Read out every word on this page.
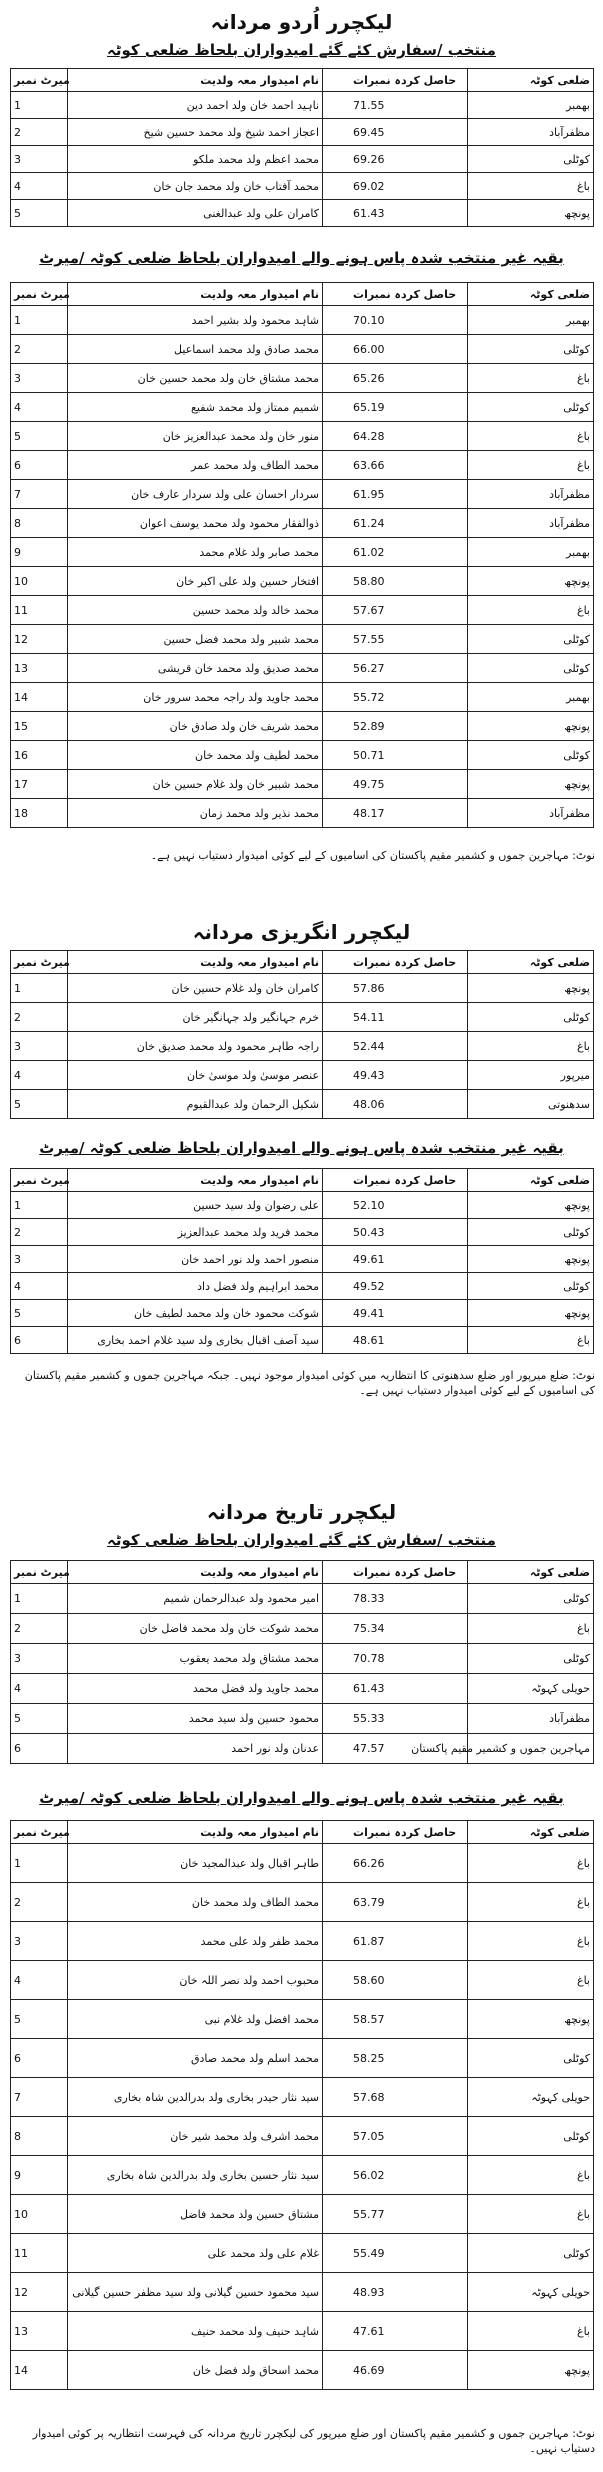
لیکچرر اُردو مردانہ
منتخب /سفارش کئے گئے امیدواران بلحاظ ضلعی کوٹہ
میرٹ نمبر	نام امیدوار معہ ولدیت	حاصل کردہ نمبرات	ضلعی کوٹہ
1	ناہید احمد خان ولد احمد دین	71.55	بھمبر
2	اعجاز احمد شیخ ولد محمد حسین شیخ	69.45	مظفرآباد
3	محمد اعظم ولد محمد ملکو	69.26	کوٹلی
4	محمد آفتاب خان ولد محمد جان خان	69.02	باغ
5	کامران علی ولد عبدالغنی	61.43	پونچھ
بقیہ غیر منتخب شدہ پاس ہونے والے امیدواران بلحاظ ضلعی کوٹہ /میرٹ
میرٹ نمبر	نام امیدوار معہ ولدیت	حاصل کردہ نمبرات	ضلعی کوٹہ
1	شاہد محمود ولد بشیر احمد	70.10	بھمبر
2	محمد صادق ولد محمد اسماعیل	66.00	کوٹلی
3	محمد مشتاق خان ولد محمد حسین خان	65.26	باغ
4	شمیم ممتاز ولد محمد شفیع	65.19	کوٹلی
5	منور خان ولد محمد عبدالعزیز خان	64.28	باغ
6	محمد الطاف ولد محمد عمر	63.66	باغ
7	سردار احسان علی ولد سردار عارف خان	61.95	مظفرآباد
8	ذوالفقار محمود ولد محمد یوسف اعوان	61.24	مظفرآباد
9	محمد صابر ولد غلام محمد	61.02	بھمبر
10	افتخار حسین ولد علی اکبر خان	58.80	پونچھ
11	محمد خالد ولد محمد حسین	57.67	باغ
12	محمد شبیر ولد محمد فضل حسین	57.55	کوٹلی
13	محمد صدیق ولد محمد خان قریشی	56.27	کوٹلی
14	محمد جاوید ولد راجہ محمد سرور خان	55.72	بھمبر
15	محمد شریف خان ولد صادق خان	52.89	پونچھ
16	محمد لطیف ولد محمد خان	50.71	کوٹلی
17	محمد شبیر خان ولد غلام حسین خان	49.75	پونچھ
18	محمد نذیر ولد محمد زمان	48.17	مظفرآباد
نوٹ: مہاجرین جموں و کشمیر مقیم پاکستان کی اسامیوں کے لیے کوئی امیدوار دستیاب نہیں ہے۔
لیکچرر انگریزی مردانہ
میرٹ نمبر	نام امیدوار معہ ولدیت	حاصل کردہ نمبرات	ضلعی کوٹہ
1	کامران خان ولد غلام حسین خان	57.86	پونچھ
2	خرم جہانگیر ولد جہانگیر خان	54.11	کوٹلی
3	راجہ طاہر محمود ولد محمد صدیق خان	52.44	باغ
4	عنصر موسیٰ ولد موسیٰ خان	49.43	میرپور
5	شکیل الرحمان ولد عبدالقیوم	48.06	سدھنوتی
بقیہ غیر منتخب شدہ پاس ہونے والے امیدواران بلحاظ ضلعی کوٹہ /میرٹ
میرٹ نمبر	نام امیدوار معہ ولدیت	حاصل کردہ نمبرات	ضلعی کوٹہ
1	علی رضوان ولد سید حسین	52.10	پونچھ
2	محمد فرید ولد محمد عبدالعزیز	50.43	کوٹلی
3	منصور احمد ولد نور احمد خان	49.61	پونچھ
4	محمد ابراہیم ولد فضل داد	49.52	کوٹلی
5	شوکت محمود خان ولد محمد لطیف خان	49.41	پونچھ
6	سید آصف اقبال بخاری ولد سید غلام احمد بخاری	48.61	باغ
نوٹ: ضلع میرپور اور ضلع سدھنوتی کا انتظاریہ میں کوئی امیدوار موجود نہیں۔ جبکہ مہاجرین جموں و کشمیر مقیم پاکستان کی اسامیوں کے لیے کوئی امیدوار دستیاب نہیں ہے۔
لیکچرر تاریخ مردانہ
منتخب /سفارش کئے گئے امیدواران بلحاظ ضلعی کوٹہ
میرٹ نمبر	نام امیدوار معہ ولدیت	حاصل کردہ نمبرات	ضلعی کوٹہ
1	امیر محمود ولد عبدالرحمان شمیم	78.33	کوٹلی
2	محمد شوکت خان ولد محمد فاضل خان	75.34	باغ
3	محمد مشتاق ولد محمد یعقوب	70.78	کوٹلی
4	محمد جاوید ولد فضل محمد	61.43	حویلی کہوٹہ
5	محمود حسین ولد سید محمد	55.33	مظفرآباد
6	عدنان ولد نور احمد	47.57	مہاجرین جموں و کشمیر مقیم پاکستان
بقیہ غیر منتخب شدہ پاس ہونے والے امیدواران بلحاظ ضلعی کوٹہ /میرٹ
میرٹ نمبر	نام امیدوار معہ ولدیت	حاصل کردہ نمبرات	ضلعی کوٹہ
1	طاہر اقبال ولد عبدالمجید خان	66.26	باغ
2	محمد الطاف ولد محمد خان	63.79	باغ
3	محمد ظفر ولد علی محمد	61.87	باغ
4	محبوب احمد ولد نصر اللہ خان	58.60	باغ
5	محمد افضل ولد غلام نبی	58.57	پونچھ
6	محمد اسلم ولد محمد صادق	58.25	کوٹلی
7	سید نثار حیدر بخاری ولد بدرالدین شاہ بخاری	57.68	حویلی کہوٹہ
8	محمد اشرف ولد محمد شیر خان	57.05	کوٹلی
9	سید نثار حسین بخاری ولد بدرالدین شاہ بخاری	56.02	باغ
10	مشتاق حسین ولد محمد فاضل	55.77	باغ
11	غلام علی ولد محمد علی	55.49	کوٹلی
12	سید محمود حسین گیلانی ولد سید مظفر حسین گیلانی	48.93	حویلی کہوٹہ
13	شاہد حنیف ولد محمد حنیف	47.61	باغ
14	محمد اسحاق ولد فضل خان	46.69	پونچھ
نوٹ: مہاجرین جموں و کشمیر مقیم پاکستان اور ضلع میرپور کی لیکچرر تاریخ مردانہ کی فہرست انتظاریہ پر کوئی امیدوار دستیاب نہیں۔
